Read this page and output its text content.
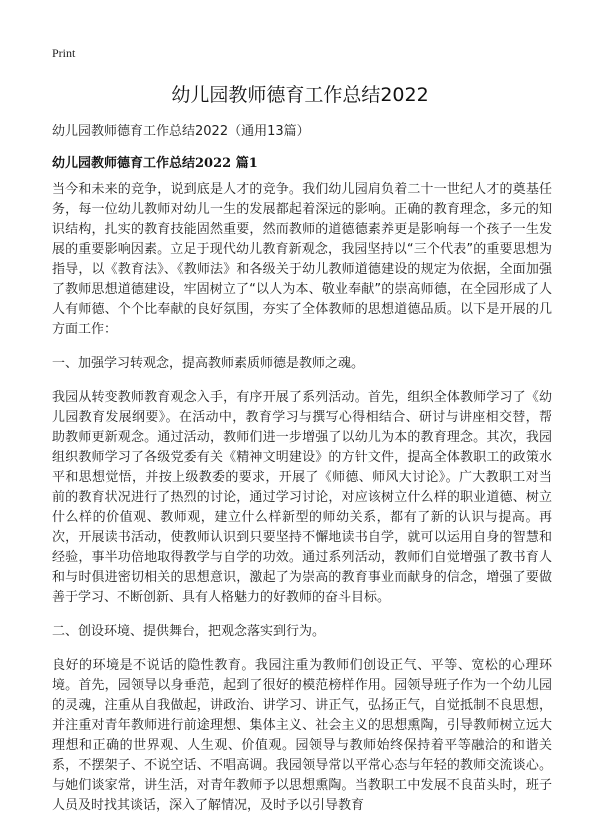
Print
幼儿园教师德育工作总结2022
幼儿园教师德育工作总结2022（通用13篇）
幼儿园教师德育工作总结2022 篇1

当今和未来的竞争，说到底是人才的竞争。我们幼儿园肩负着二十一世纪人才的奠基任务，每一位幼儿教师对幼儿一生的发展都起着深远的影响。正确的教育理念，多元的知识结构，扎实的教育技能固然重要，然而教师的道德德素养更是影响每一个孩子一生发展的重要影响因素。立足于现代幼儿教育新观念，我园坚持以“三个代表”的重要思想为指导，以《教育法》、《教师法》和各级关于幼儿教师道德建设的规定为依据，全面加强了教师思想道德建设，牢固树立了“以人为本、敬业奉献”的崇高师德，在全园形成了人人有师德、个个比奉献的良好氛围，夯实了全体教师的思想道德品质。以下是开展的几方面工作：

一、加强学习转观念，提高教师素质师德是教师之魂。

我园从转变教师教育观念入手，有序开展了系列活动。首先，组织全体教师学习了《幼儿园教育发展纲要》。在活动中，教育学习与撰写心得相结合、研讨与讲座相交替，帮助教师更新观念。通过活动，教师们进一步增强了以幼儿为本的教育理念。其次，我园组织教师学习了各级党委有关《精神文明建设》的方针文件，提高全体教职工的政策水平和思想觉悟，并按上级教委的要求，开展了《师德、师风大讨论》。广大教职工对当前的教育状况进行了热烈的讨论，通过学习讨论，对应该树立什么样的职业道德、树立什么样的价值观、教师观，建立什么样新型的师幼关系，都有了新的认识与提高。再次，开展读书活动，使教师认识到只要坚持不懈地读书自学，就可以运用自身的智慧和经验，事半功倍地取得教学与自学的功效。通过系列活动，教师们自觉增强了教书育人和与时俱进密切相关的思想意识，激起了为崇高的教育事业而献身的信念，增强了要做善于学习、不断创新、具有人格魅力的好教师的奋斗目标。

二、创设环境、提供舞台，把观念落实到行为。

良好的环境是不说话的隐性教育。我园注重为教师们创设正气、平等、宽松的心理环境。首先，园领导以身垂范，起到了很好的模范榜样作用。园领导班子作为一个幼儿园的灵魂，注重从自我做起，讲政治、讲学习、讲正气，弘扬正气，自觉抵制不良思想，并注重对青年教师进行前途理想、集体主义、社会主义的思想熏陶，引导教师树立远大理想和正确的世界观、人生观、价值观。园领导与教师始终保持着平等融洽的和谐关系，不摆架子、不说空话、不唱高调。我园领导常以平常心态与年轻的教师交流谈心。与她们谈家常，讲生活，对青年教师予以思想熏陶。当教职工中发展不良苗头时，班子人员及时找其谈话，深入了解情况，及时予以引导教育
